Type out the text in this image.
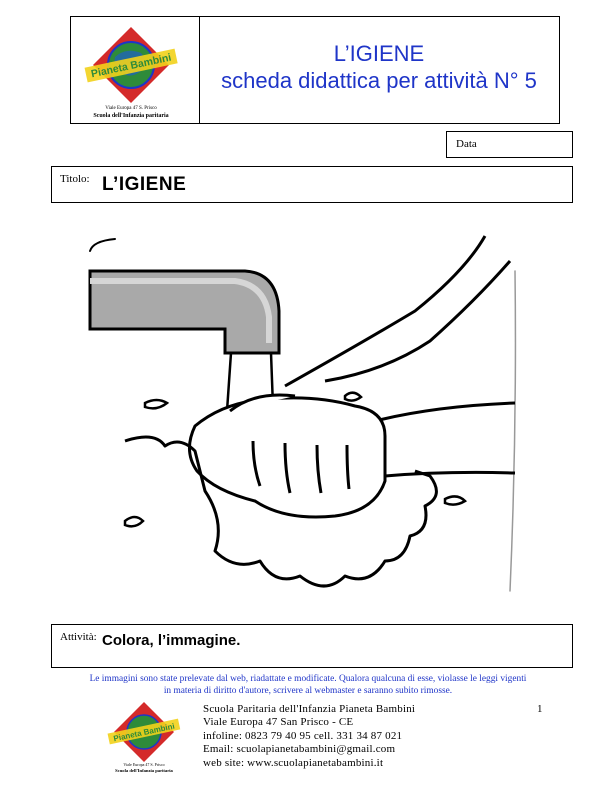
Pianeta Bambini
Viale Europa 47 S. Prisco
Scuola dell'Infanzia paritaria
L’IGIENE
scheda didattica per attività N° 5
Data
Titolo: L’IGIENE
Attività: Colora, l’immagine.
Le immagini sono state prelevate dal web, riadattate e modificate. Qualora qualcuna di esse, violasse le leggi vigenti
in materia di diritto d'autore, scrivere al webmaster e saranno subito rimosse.
1
Pianeta Bambini
Viale Europa 47 S. Prisco
Scuola dell'Infanzia paritaria
Scuola Paritaria dell'Infanzia Pianeta Bambini
Viale Europa 47 San Prisco - CE
infoline: 0823 79 40 95 cell. 331 34 87 021
Email: scuolapianetabambini@gmail.com
web site: www.scuolapianetabambini.it
